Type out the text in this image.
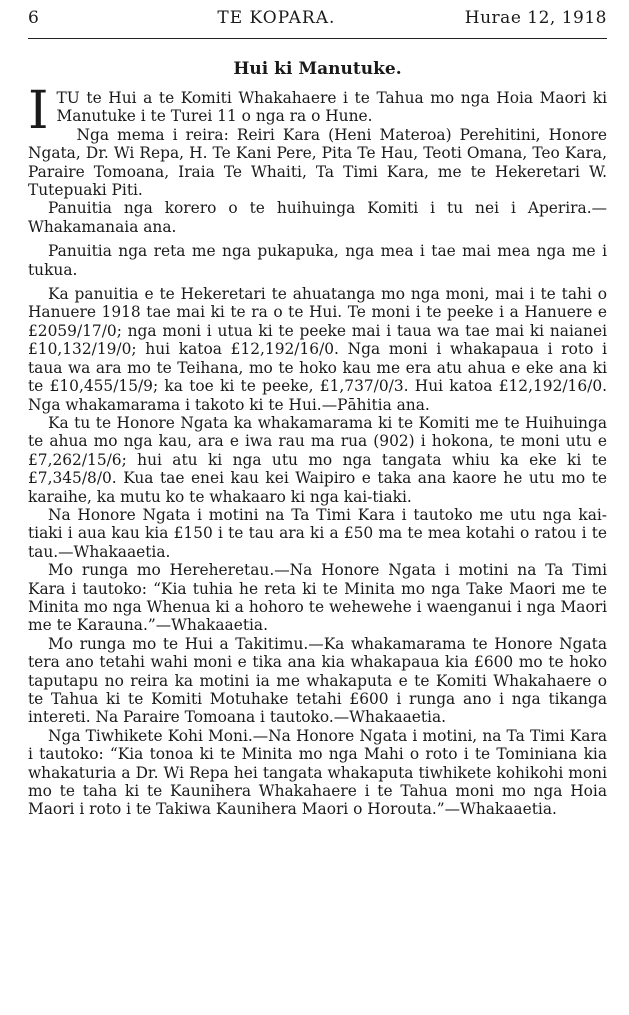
6	TE KOPARA.	Hurae 12, 1918
Hui ki Manutuke.

ITU te Hui a te Komiti Whakahaere i te Tahua mo nga Hoia Maori ki Manutuke i te Turei 11 o nga ra o Hune.

Nga mema i reira: Reiri Kara (Heni Materoa) Perehitini, Honore Ngata, Dr. Wi Repa, H. Te Kani Pere, Pita Te Hau, Teoti Omana, Teo Kara, Paraire Tomoana, Iraia Te Whaiti, Ta Timi Kara, me te Hekeretari W. Tutepuaki Piti.

Panuitia nga korero o te huihuinga Komiti i tu nei i Aperira.—Whakamanaia ana.

Panuitia nga reta me nga pukapuka, nga mea i tae mai mea nga me i tukua.

Ka panuitia e te Hekeretari te ahuatanga mo nga moni, mai i te tahi o Hanuere 1918 tae mai ki te ra o te Hui. Te moni i te peeke i a Hanuere e £2059/17/0; nga moni i utua ki te peeke mai i taua wa tae mai ki naianei £10,132/19/0; hui katoa £12,192/16/0. Nga moni i whakapaua i roto i taua wa ara mo te Teihana, mo te hoko kau me era atu ahua e eke ana ki te £10,455/15/9; ka toe ki te peeke, £1,737/0/3. Hui katoa £12,192/16/0. Nga whakamarama i takoto ki te Hui.—Pāhitia ana.

Ka tu te Honore Ngata ka whakamarama ki te Komiti me te Huihuinga te ahua mo nga kau, ara e iwa rau ma rua (902) i hokona, te moni utu e £7,262/15/6; hui atu ki nga utu mo nga tangata whiu ka eke ki te £7,345/8/0. Kua tae enei kau kei Waipiro e taka ana kaore he utu mo te karaihe, ka mutu ko te whakaaro ki nga kai-tiaki.

Na Honore Ngata i motini na Ta Timi Kara i tautoko me utu nga kai-tiaki i aua kau kia £150 i te tau ara ki a £50 ma te mea kotahi o ratou i te tau.—Whakaaetia.

Mo runga mo Hereheretau.—Na Honore Ngata i motini na Ta Timi Kara i tautoko: “Kia tuhia he reta ki te Minita mo nga Take Maori me te Minita mo nga Whenua ki a hohoro te wehewehe i waenganui i nga Maori me te Karauna.”—Whakaaetia.

Mo runga mo te Hui a Takitimu.—Ka whakamarama te Honore Ngata tera ano tetahi wahi moni e tika ana kia whakapaua kia £600 mo te hoko taputapu no reira ka motini ia me whakaputa e te Komiti Whakahaere o te Tahua ki te Komiti Motuhake tetahi £600 i runga ano i nga tikanga intereti. Na Paraire Tomoana i tautoko.—Whakaaetia.

Nga Tiwhikete Kohi Moni.—Na Honore Ngata i motini, na Ta Timi Kara i tautoko: “Kia tonoa ki te Minita mo nga Mahi o roto i te Tominiana kia whakaturia a Dr. Wi Repa hei tangata whakaputa tiwhikete kohikohi moni mo te taha ki te Kaunihera Whakahaere i te Tahua moni mo nga Hoia Maori i roto i te Takiwa Kaunihera Maori o Horouta.”—Whakaaetia.
